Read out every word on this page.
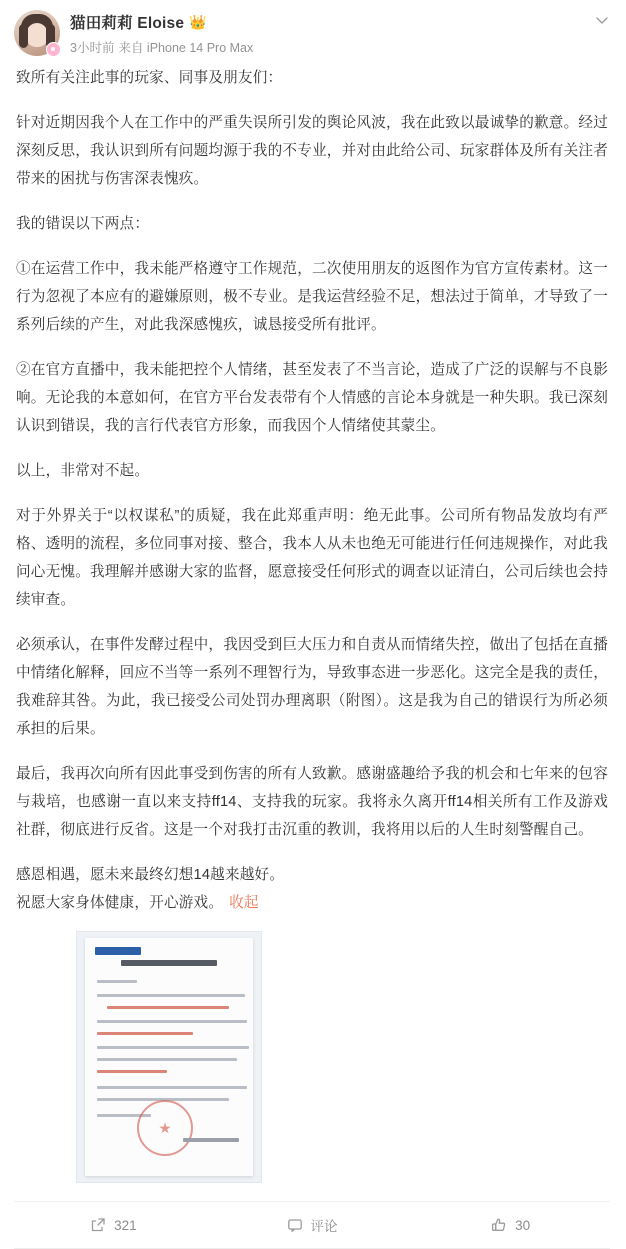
猫田莉莉 Eloise 👑
3小时前 来自 iPhone 14 Pro Max

致所有关注此事的玩家、同事及朋友们：

针对近期因我个人在工作中的严重失误所引发的舆论风波，我在此致以最诚挚的歉意。经过深刻反思，我认识到所有问题均源于我的不专业，并对由此给公司、玩家群体及所有关注者带来的困扰与伤害深表愧疚。

我的错误以下两点：

①在运营工作中，我未能严格遵守工作规范，二次使用朋友的返图作为官方宣传素材。这一行为忽视了本应有的避嫌原则，极不专业。是我运营经验不足，想法过于简单，才导致了一系列后续的产生，对此我深感愧疚，诚恳接受所有批评。

②在官方直播中，我未能把控个人情绪，甚至发表了不当言论，造成了广泛的误解与不良影响。无论我的本意如何，在官方平台发表带有个人情感的言论本身就是一种失职。我已深刻认识到错误，我的言行代表官方形象，而我因个人情绪使其蒙尘。

以上，非常对不起。

对于外界关于“以权谋私”的质疑，我在此郑重声明：绝无此事。公司所有物品发放均有严格、透明的流程，多位同事对接、整合，我本人从未也绝无可能进行任何违规操作，对此我问心无愧。我理解并感谢大家的监督，愿意接受任何形式的调查以证清白，公司后续也会持续审查。

必须承认，在事件发酵过程中，我因受到巨大压力和自责从而情绪失控，做出了包括在直播中情绪化解释，回应不当等一系列不理智行为，导致事态进一步恶化。这完全是我的责任，我难辞其咎。为此，我已接受公司处罚办理离职（附图）。这是我为自己的错误行为所必须承担的后果。

最后，我再次向所有因此事受到伤害的所有人致歉。感谢盛趣给予我的机会和七年来的包容与栽培，也感谢一直以来支持ff14、支持我的玩家。我将永久离开ff14相关所有工作及游戏社群，彻底进行反省。这是一个对我打击沉重的教训，我将用以后的人生时刻警醒自己。

感恩相遇，愿未来最终幻想14越来越好。

祝愿大家身体健康，开心游戏。 收起

321	评论	30
